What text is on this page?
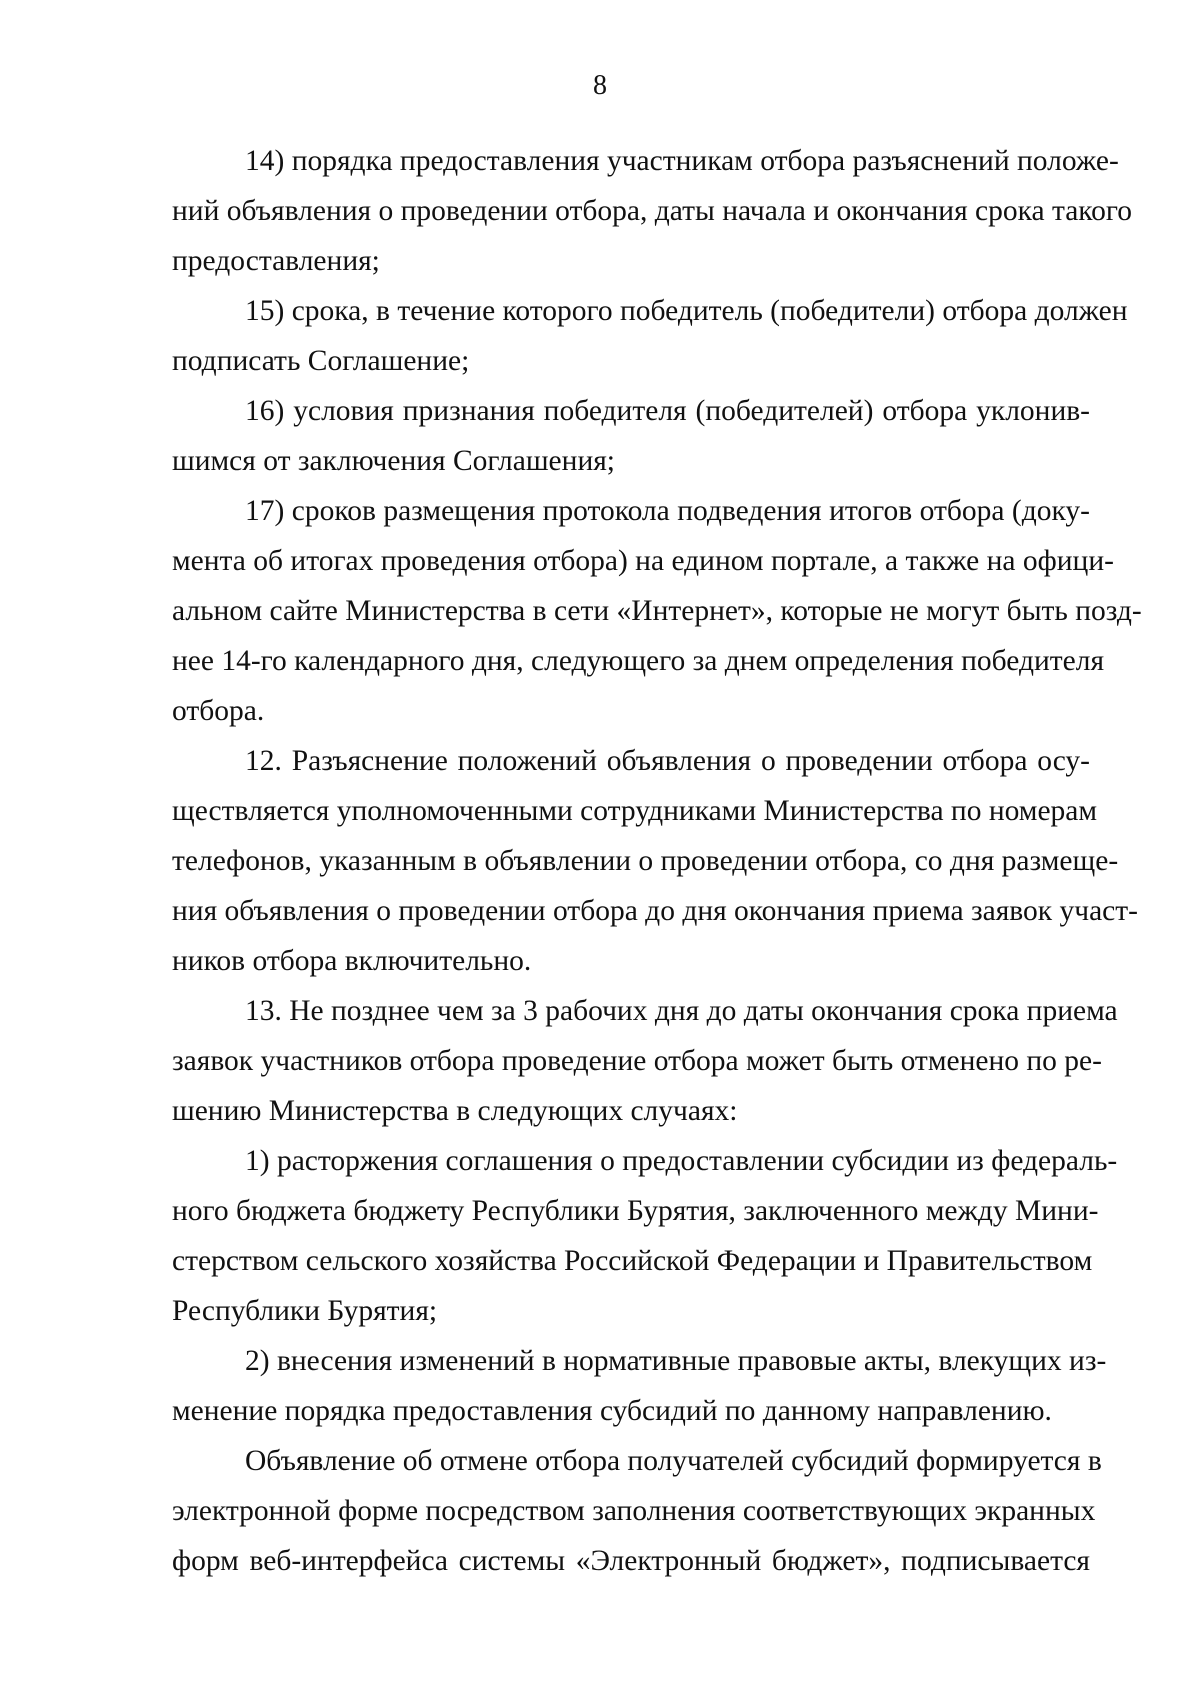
8
14) порядка предоставления участникам отбора разъяснений положе-
ний объявления о проведении отбора, даты начала и окончания срока такого
предоставления;
15) срока, в течение которого победитель (победители) отбора должен
подписать Соглашение;
16) условия признания победителя (победителей) отбора уклонив-
шимся от заключения Соглашения;
17) сроков размещения протокола подведения итогов отбора (доку-
мента об итогах проведения отбора) на едином портале, а также на офици-
альном сайте Министерства в сети «Интернет», которые не могут быть позд-
нее 14-го календарного дня, следующего за днем определения победителя
отбора.
12. Разъяснение положений объявления о проведении отбора осу-
ществляется уполномоченными сотрудниками Министерства по номерам
телефонов, указанным в объявлении о проведении отбора, со дня размеще-
ния объявления о проведении отбора до дня окончания приема заявок участ-
ников отбора включительно.
13. Не позднее чем за 3 рабочих дня до даты окончания срока приема
заявок участников отбора проведение отбора может быть отменено по ре-
шению Министерства в следующих случаях:
1) расторжения соглашения о предоставлении субсидии из федераль-
ного бюджета бюджету Республики Бурятия, заключенного между Мини-
стерством сельского хозяйства Российской Федерации и Правительством
Республики Бурятия;
2) внесения изменений в нормативные правовые акты, влекущих из-
менение порядка предоставления субсидий по данному направлению.
Объявление об отмене отбора получателей субсидий формируется в
электронной форме посредством заполнения соответствующих экранных
форм веб-интерфейса системы «Электронный бюджет», подписывается
